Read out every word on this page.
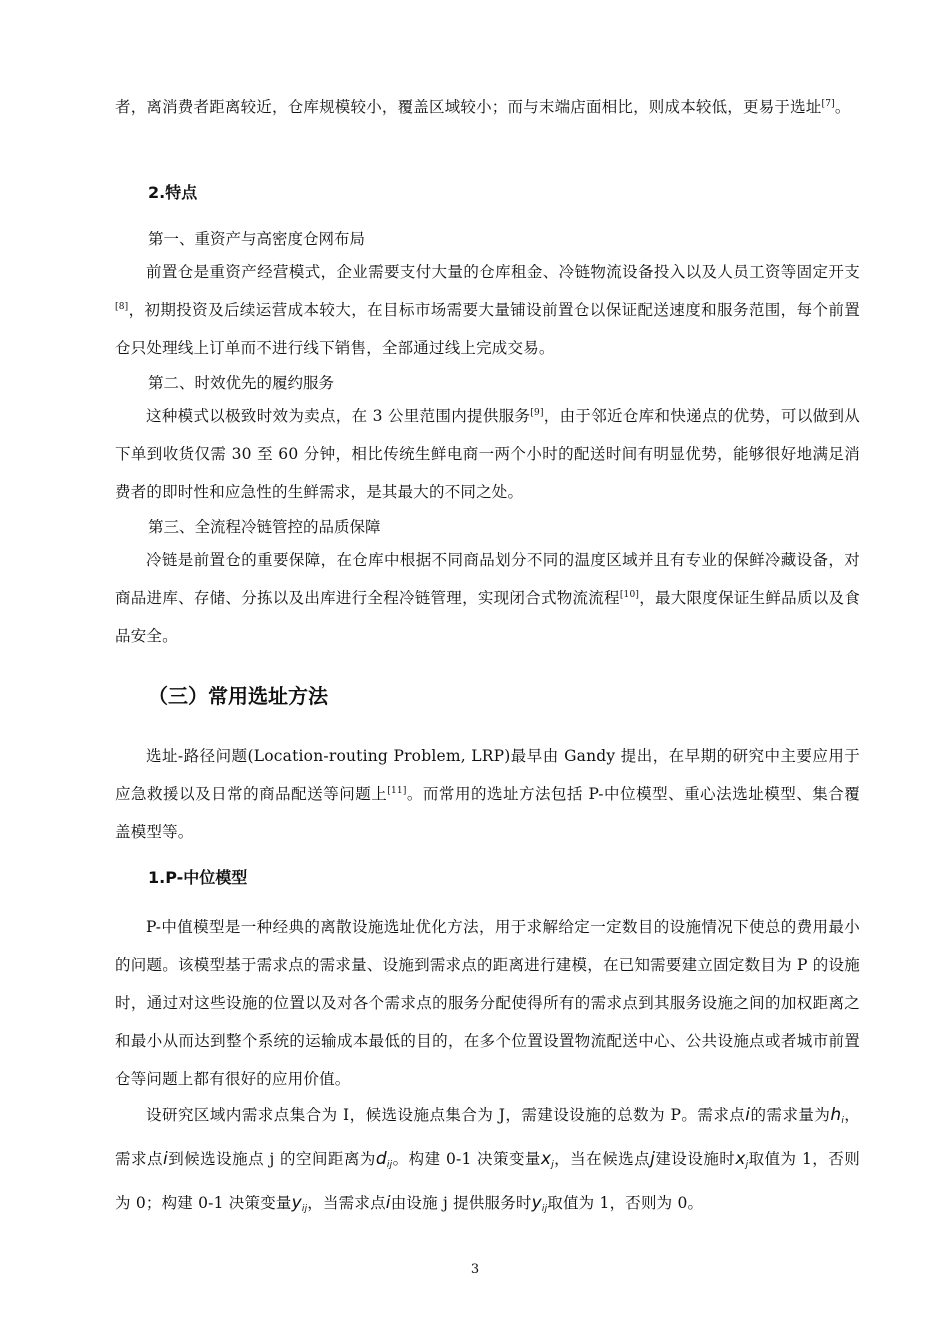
者，离消费者距离较近，仓库规模较小，覆盖区域较小；而与末端店面相比，则成本较低，更易于选址[7]。

2.特点

第一、重资产与高密度仓网布局

前置仓是重资产经营模式，企业需要支付大量的仓库租金、冷链物流设备投入以及人员工资等固定开支[8]，初期投资及后续运营成本较大，在目标市场需要大量铺设前置仓以保证配送速度和服务范围，每个前置仓只处理线上订单而不进行线下销售，全部通过线上完成交易。

第二、时效优先的履约服务

这种模式以极致时效为卖点，在 3 公里范围内提供服务[9]，由于邻近仓库和快递点的优势，可以做到从下单到收货仅需 30 至 60 分钟，相比传统生鲜电商一两个小时的配送时间有明显优势，能够很好地满足消费者的即时性和应急性的生鲜需求，是其最大的不同之处。

第三、全流程冷链管控的品质保障

冷链是前置仓的重要保障，在仓库中根据不同商品划分不同的温度区域并且有专业的保鲜冷藏设备，对商品进库、存储、分拣以及出库进行全程冷链管理，实现闭合式物流流程[10]，最大限度保证生鲜品质以及食品安全。

（三）常用选址方法

选址-路径问题(Location-routing Problem, LRP)最早由 Gandy 提出，在早期的研究中主要应用于应急救援以及日常的商品配送等问题上[11]。而常用的选址方法包括 P-中位模型、重心法选址模型、集合覆盖模型等。

1.P-中位模型

P-中值模型是一种经典的离散设施选址优化方法，用于求解给定一定数目的设施情况下使总的费用最小的问题。该模型基于需求点的需求量、设施到需求点的距离进行建模，在已知需要建立固定数目为 P 的设施时，通过对这些设施的位置以及对各个需求点的服务分配使得所有的需求点到其服务设施之间的加权距离之和最小从而达到整个系统的运输成本最低的目的，在多个位置设置物流配送中心、公共设施点或者城市前置仓等问题上都有很好的应用价值。

设研究区域内需求点集合为 I，候选设施点集合为 J，需建设设施的总数为 P。需求点i的需求量为hi，需求点i到候选设施点 j 的空间距离为dij。构建 0-1 决策变量xj，当在候选点j建设设施时xj取值为 1，否则为 0；构建 0-1 决策变量yij，当需求点i由设施 j 提供服务时yij取值为 1，否则为 0。

3
